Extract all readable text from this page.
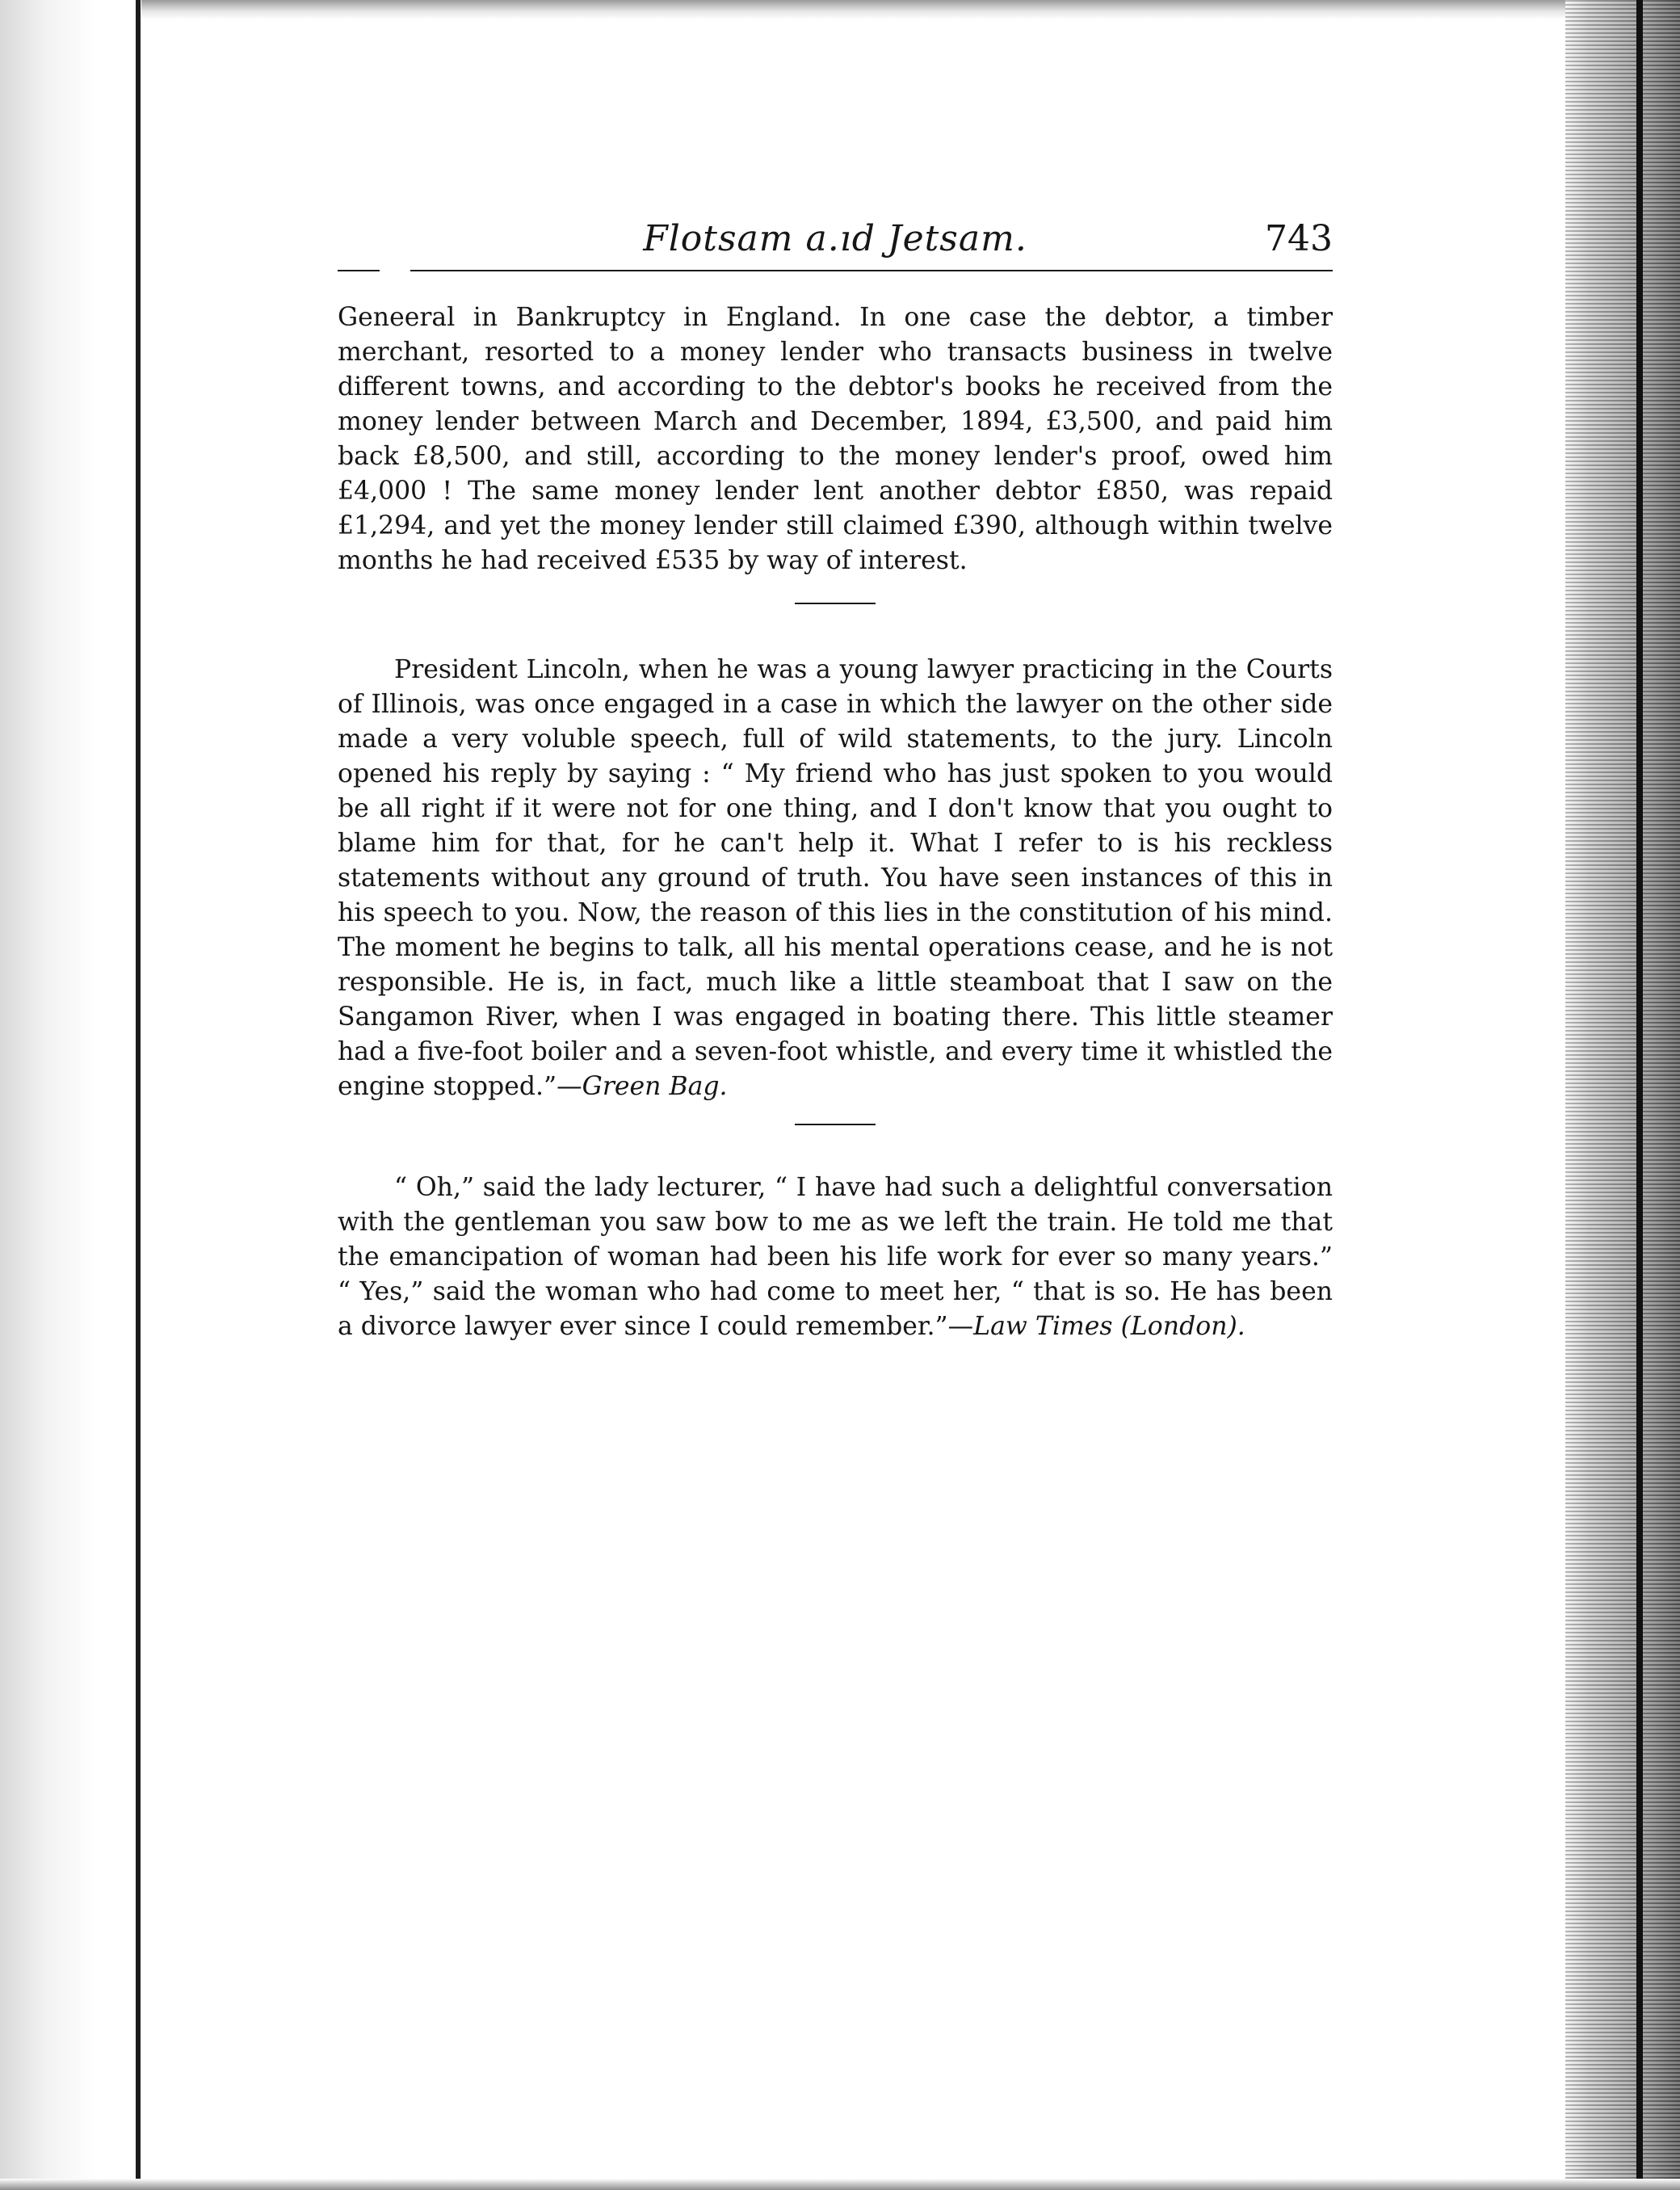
Flotsam a.ıd Jetsam.	743

Geneeral in Bankruptcy in England. In one case the debtor, a timber merchant, resorted to a money lender who transacts business in twelve different towns, and according to the debtor's books he received from the money lender between March and December, 1894, £3,500, and paid him back £8,500, and still, according to the money lender's proof, owed him £4,000 ! The same money lender lent another debtor £850, was repaid £1,294, and yet the money lender still claimed £390, although within twelve months he had received £535 by way of interest.

President Lincoln, when he was a young lawyer practicing in the Courts of Illinois, was once engaged in a case in which the lawyer on the other side made a very voluble speech, full of wild statements, to the jury. Lincoln opened his reply by saying : “ My friend who has just spoken to you would be all right if it were not for one thing, and I don't know that you ought to blame him for that, for he can't help it. What I refer to is his reckless statements without any ground of truth. You have seen instances of this in his speech to you. Now, the reason of this lies in the constitution of his mind. The moment he begins to talk, all his mental operations cease, and he is not responsible. He is, in fact, much like a little steamboat that I saw on the Sangamon River, when I was engaged in boating there. This little steamer had a five-foot boiler and a seven-foot whistle, and every time it whistled the engine stopped.”—Green Bag.

“ Oh,” said the lady lecturer, “ I have had such a delightful conversation with the gentleman you saw bow to me as we left the train. He told me that the emancipation of woman had been his life work for ever so many years.” “ Yes,” said the woman who had come to meet her, “ that is so. He has been a divorce lawyer ever since I could remember.”—Law Times (London).
